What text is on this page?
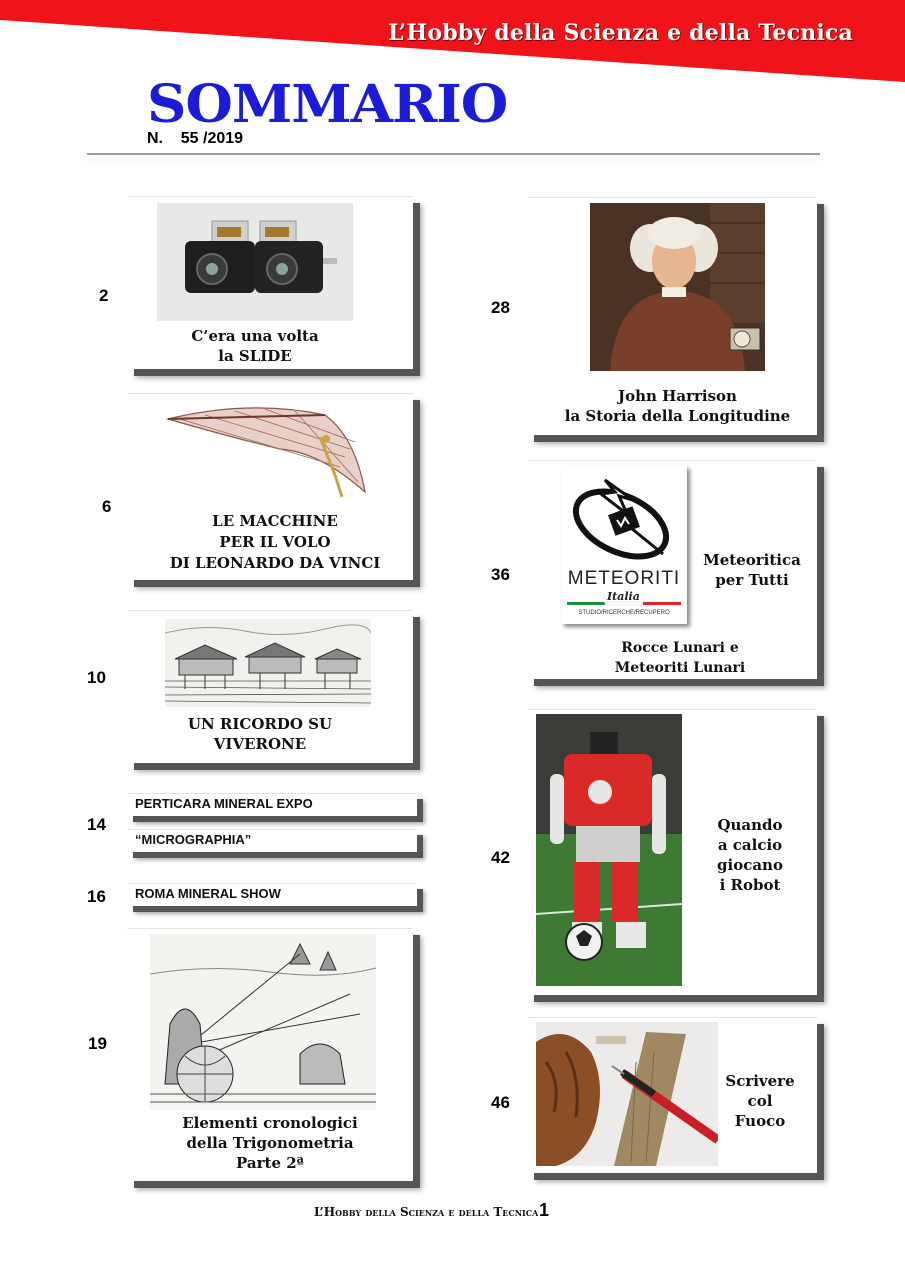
L’Hobby della Scienza e della Tecnica
SOMMARIO
N.    55 /2019
2
C’era una volta
la SLIDE
6
LE MACCHINE
PER IL VOLO
DI LEONARDO DA VINCI
10
UN RICORDO SU
VIVERONE
PERTICARA MINERAL EXPO
“MICROGRAPHIA”
14
ROMA MINERAL SHOW
16
19
Elementi cronologici
della Trigonometria
Parte 2ª
28
John Harrison
la Storia della Longitudine
METEORITI
Italia
STUDIO/RICERCHE/RECUPERO
36
Meteoritica
per Tutti
Rocce Lunari e
Meteoriti Lunari
42
Quando
a calcio
giocano
i Robot
46
Scrivere
col
Fuoco
L’Hobby della Scienza e della Tecnica 1
